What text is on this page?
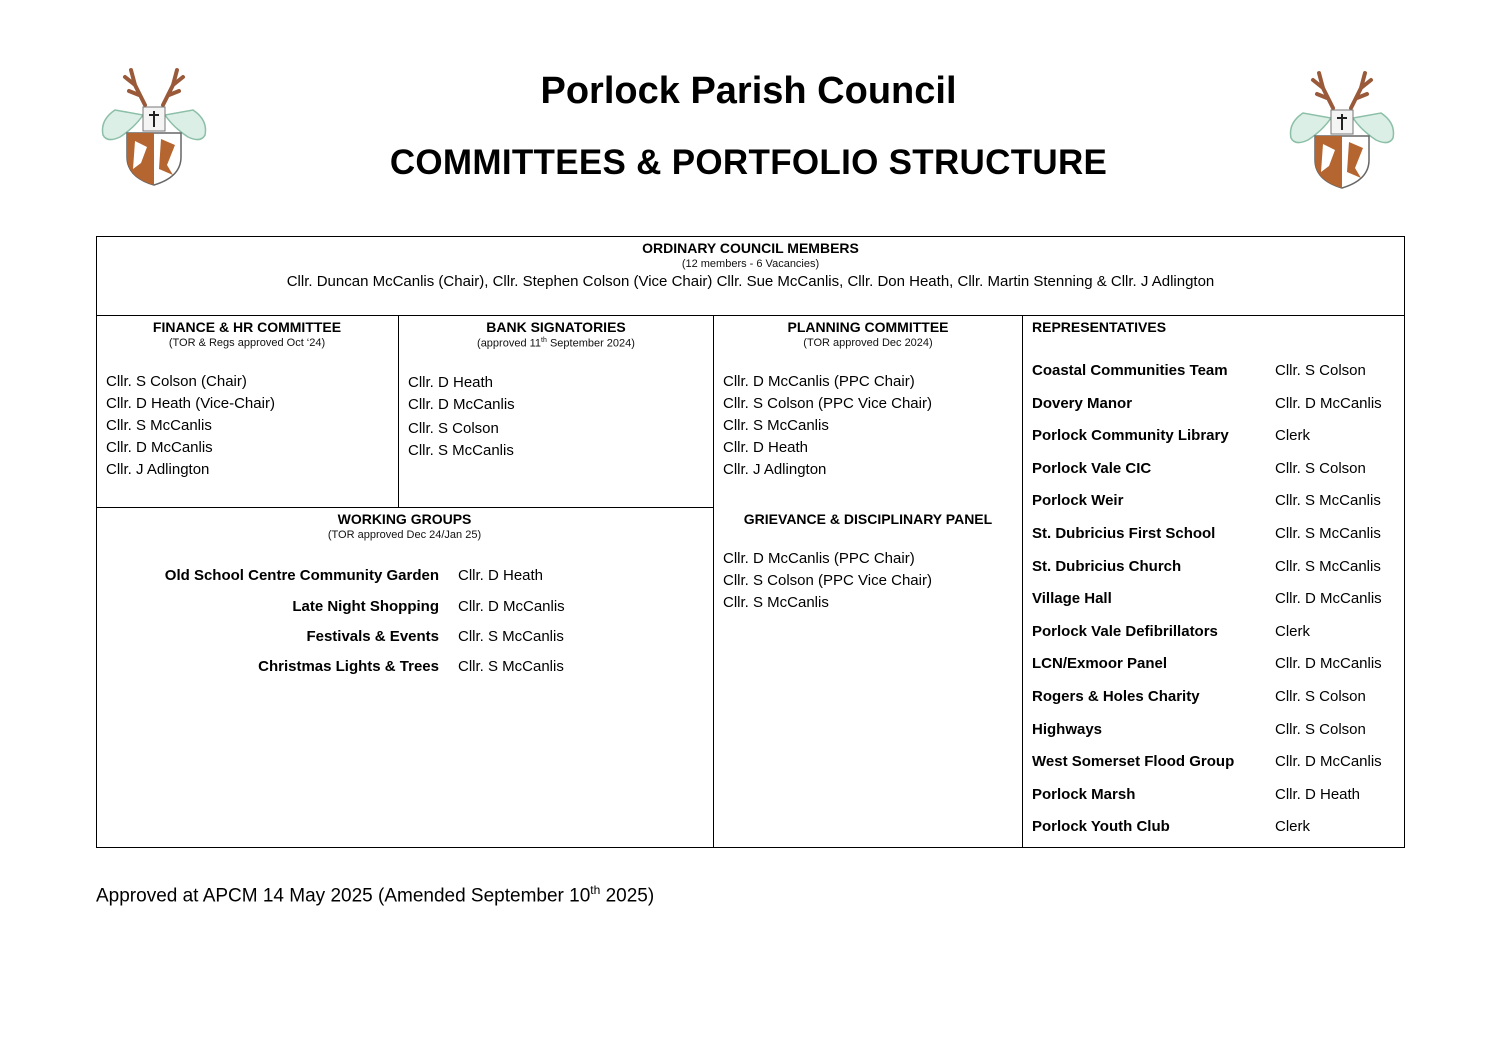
Porlock Parish Council
COMMITTEES & PORTFOLIO STRUCTURE
ORDINARY COUNCIL MEMBERS
(12 members - 6 Vacancies)
Cllr. Duncan McCanlis (Chair), Cllr. Stephen Colson (Vice Chair) Cllr. Sue McCanlis, Cllr. Don Heath, Cllr. Martin Stenning & Cllr. J Adlington
FINANCE & HR COMMITTEE
(TOR & Regs approved Oct ‘24)
Cllr. S Colson (Chair)
Cllr. D Heath (Vice-Chair)
Cllr. S McCanlis
Cllr. D McCanlis
Cllr. J Adlington
BANK SIGNATORIES
(approved 11th September 2024)
Cllr. D Heath
Cllr. D McCanlis
Cllr. S Colson
Cllr. S McCanlis
PLANNING COMMITTEE
(TOR approved Dec 2024)
Cllr. D McCanlis (PPC Chair)
Cllr. S Colson (PPC Vice Chair)
Cllr. S McCanlis
Cllr. D Heath
Cllr. J Adlington
WORKING GROUPS
(TOR approved Dec 24/Jan 25)
Old School Centre Community Garden Cllr. D Heath
Late Night Shopping Cllr. D McCanlis
Festivals & Events Cllr. S McCanlis
Christmas Lights & Trees Cllr. S McCanlis
GRIEVANCE & DISCIPLINARY PANEL
Cllr. D McCanlis (PPC Chair)
Cllr. S Colson (PPC Vice Chair)
Cllr. S McCanlis
REPRESENTATIVES
Coastal Communities Team	Cllr. S Colson
Dovery Manor	Cllr. D McCanlis
Porlock Community Library	Clerk
Porlock Vale CIC	Cllr. S Colson
Porlock Weir	Cllr. S McCanlis
St. Dubricius First School	Cllr. S McCanlis
St. Dubricius Church	Cllr. S McCanlis
Village Hall	Cllr. D McCanlis
Porlock Vale Defibrillators	Clerk
LCN/Exmoor Panel	Cllr. D McCanlis
Rogers & Holes Charity	Cllr. S Colson
Highways	Cllr. S Colson
West Somerset Flood Group	Cllr. D McCanlis
Porlock Marsh	Cllr. D Heath
Porlock Youth Club	Clerk
Approved at APCM 14 May 2025 (Amended September 10th 2025)
